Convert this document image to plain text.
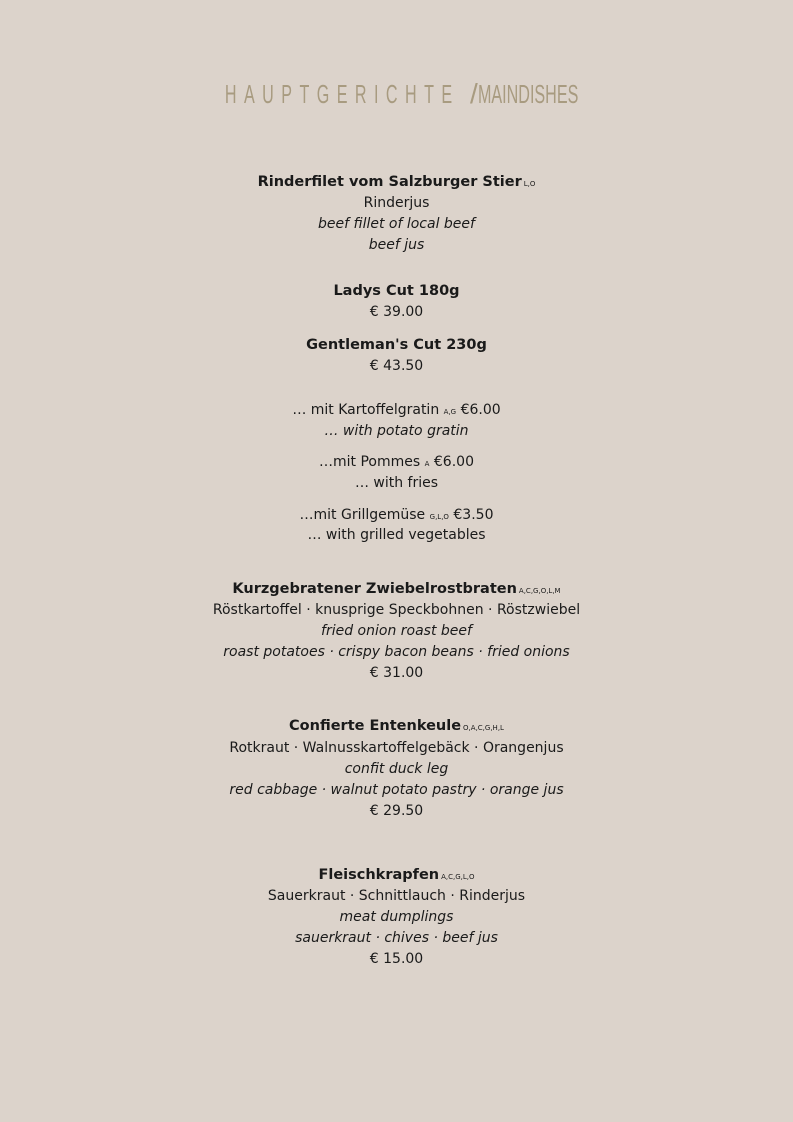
HAUPTGERICHTE /MAINDISHES
Rinderfilet vom Salzburger Stier L,O
Rinderjus
beef fillet of local beef
beef jus
Ladys Cut 180g
€ 39.00
Gentleman's Cut 230g
€ 43.50
… mit Kartoffelgratin A,G €6.00
… with potato gratin
…mit Pommes A €6.00
… with fries
…mit Grillgemüse G,L,O €3.50
… with grilled vegetables
Kurzgebratener Zwiebelrostbraten A,C,G,O,L,M
Röstkartoffel · knusprige Speckbohnen · Röstzwiebel
fried onion roast beef
roast potatoes · crispy bacon beans · fried onions
€ 31.00
Confierte Entenkeule O,A,C,G,H,L
Rotkraut · Walnusskartoffelgebäck · Orangenjus
confit duck leg
red cabbage · walnut potato pastry · orange jus
€ 29.50
Fleischkrapfen A,C,G,L,O
Sauerkraut · Schnittlauch · Rinderjus
meat dumplings
sauerkraut · chives · beef jus
€ 15.00
